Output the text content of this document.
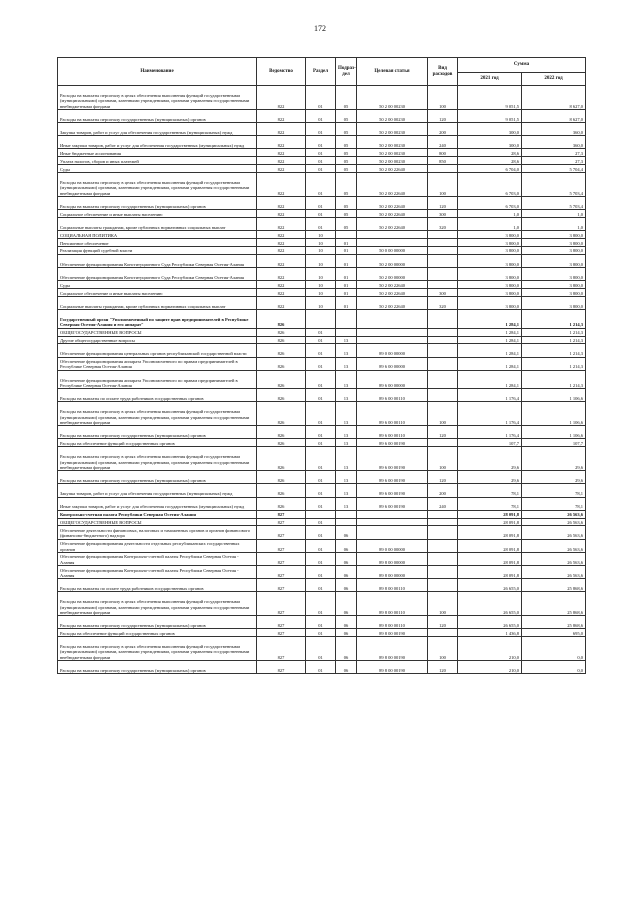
172
Наименование	Ведомство	Раздел	Подраз-дел	Целевая статья	Вид расходов	Сумма	
						2021 год	2022 год
Расходы на выплаты персоналу в целях обеспечения выполнения функций государственными (муниципальными) органами, казенными учреждениями, органами управления государственными внебюджетными фондами	822	01	05	50 2 00 00230	100	9 051,5	8 627,0
Расходы на выплаты персоналу государственных (муниципальных) органов	822	01	05	50 2 00 00230	120	9 051,5	8 627,0
Закупка товаров, работ и услуг для обеспечения государственных (муниципальных) нужд	822	01	05	50 2 00 00230	200	300,0	360,0
Иные закупки товаров, работ и услуг для обеспечения государственных (муниципальных) нужд	822	01	05	50 2 00 00230	240	300,0	360,0
Иные бюджетные ассигнования	822	01	05	50 2 00 00230	800	28,6	27,3
Уплата налогов, сборов и иных платежей	822	01	05	50 2 00 00230	850	28,6	27,3
Суды	822	01	05	50 2 00 22640		6 704,0	5 704,4
Расходы на выплаты персоналу в целях обеспечения выполнения функций государственными (муниципальными) органами, казенными учреждениями, органами управления государственными внебюджетными фондами	822	01	05	50 2 00 22640	100	6 703,0	5 703,4
Расходы на выплаты персоналу государственных (муниципальных) органов	822	01	05	50 2 00 22640	120	6 703,0	5 703,4
Социальное обеспечение и иные выплаты населению	822	01	05	50 2 00 22640	300	1,0	1,0
Социальные выплаты гражданам, кроме публичных нормативных социальных выплат	822	01	05	50 2 00 22640	320	1,0	1,0
СОЦИАЛЬНАЯ ПОЛИТИКА	822	10				3 800,0	3 800,0
Пенсионное обеспечение	822	10	01			3 800,0	3 800,0
Реализация функций судебной власти	822	10	01	50 0 00 00000		3 800,0	3 800,0
Обеспечение функционирования Конституционного Суда Республики Северная Осетия-Алания	822	10	01	50 2 00 00000		3 800,0	3 800,0
Обеспечение функционирования Конституционного Суда Республики Северная Осетия-Алания	822	10	01	50 2 00 00000		3 800,0	3 800,0
Суды	822	10	01	50 2 00 22640		3 800,0	3 800,0
Социальное обеспечение и иные выплаты населению	822	10	01	50 2 00 22640	300	3 800,0	3 800,0
Социальные выплаты гражданам, кроме публичных нормативных социальных выплат	822	10	01	50 2 00 22640	320	3 800,0	3 800,0
Государственный орган "Уполномоченный по защите прав предпринимателей в Республике Северная Осетия-Алания и его аппарат"	826					1 284,1	1 214,3
ОБЩЕГОСУДАРСТВЕННЫЕ ВОПРОСЫ	826	01				1 284,1	1 214,3
Другие общегосударственные вопросы	826	01	13			1 284,1	1 214,3
Обеспечение функционирования центральных органов республиканской государственной власти	826	01	13	89 0 00 00000		1 284,1	1 214,3
Обеспечение функционирования аппарата Уполномоченного по правам предпринимателей в Республике Северная Осетия-Алания	826	01	13	89 6 00 00000		1 284,1	1 214,3
Обеспечение функционирования аппарата Уполномоченного по правам предпринимателей в Республике Северная Осетия-Алания	826	01	13	89 6 00 00000		1 284,1	1 214,3
Расходы на выплаты по оплате труда работников государственных органов	826	01	13	89 6 00 00110		1 176,4	1 106,6
Расходы на выплаты персоналу в целях обеспечения выполнения функций государственными (муниципальными) органами, казенными учреждениями, органами управления государственными внебюджетными фондами	826	01	13	89 6 00 00110	100	1 176,4	1 106,6
Расходы на выплаты персоналу государственных (муниципальных) органов	826	01	13	89 6 00 00110	120	1 176,4	1 106,6
Расходы на обеспечение функций государственных органов	826	01	13	89 6 00 00190		107,7	107,7
Расходы на выплаты персоналу в целях обеспечения выполнения функций государственными (муниципальными) органами, казенными учреждениями, органами управления государственными внебюджетными фондами	826	01	13	89 6 00 00190	100	29,6	29,6
Расходы на выплаты персоналу государственных (муниципальных) органов	826	01	13	89 6 00 00190	120	29,6	29,6
Закупка товаров, работ и услуг для обеспечения государственных (муниципальных) нужд	826	01	13	89 6 00 00190	200	78,1	78,1
Иные закупки товаров, работ и услуг для обеспечения государственных (муниципальных) нужд	826	01	13	89 6 00 00190	240	78,1	78,1
Контрольно-счетная палата Республики Северная Осетия-Алания	827					28 091,8	26 563,6
ОБЩЕГОСУДАРСТВЕННЫЕ ВОПРОСЫ	827	01				28 091,8	26 563,6
Обеспечение деятельности финансовых, налоговых и таможенных органов и органов финансового (финансово-бюджетного) надзора	827	01	06			28 091,8	26 563,6
Обеспечение функционирования деятельности отдельных республиканских государственных органов	827	01	06	89 0 00 00000		28 091,8	26 563,6
Обеспечение функционирования Контрольно-счетной палаты Республики Северная Осетия - Алания	827	01	06	89 8 00 00000		28 091,8	26 563,6
Обеспечение функционирования Контрольно-счетной палаты Республики Северная Осетия - Алания	827	01	06	89 8 00 00000		28 091,8	26 563,6
Расходы на выплаты по оплате труда работников государственных органов	827	01	06	89 8 00 00110		26 655,0	25 868,6
Расходы на выплаты персоналу в целях обеспечения выполнения функций государственными (муниципальными) органами, казенными учреждениями, органами управления государственными внебюджетными фондами	827	01	06	89 8 00 00110	100	26 655,0	25 868,6
Расходы на выплаты персоналу государственных (муниципальных) органов	827	01	06	89 8 00 00110	120	26 655,0	25 868,6
Расходы на обеспечение функций государственных органов	827	01	06	89 8 00 00190		1 436,8	695,0
Расходы на выплаты персоналу в целях обеспечения выполнения функций государственными (муниципальными) органами, казенными учреждениями, органами управления государственными внебюджетными фондами	827	01	06	89 8 00 00190	100	210,0	0,0
Расходы на выплаты персоналу государственных (муниципальных) органов	827	01	06	89 8 00 00190	120	210,0	0,0
